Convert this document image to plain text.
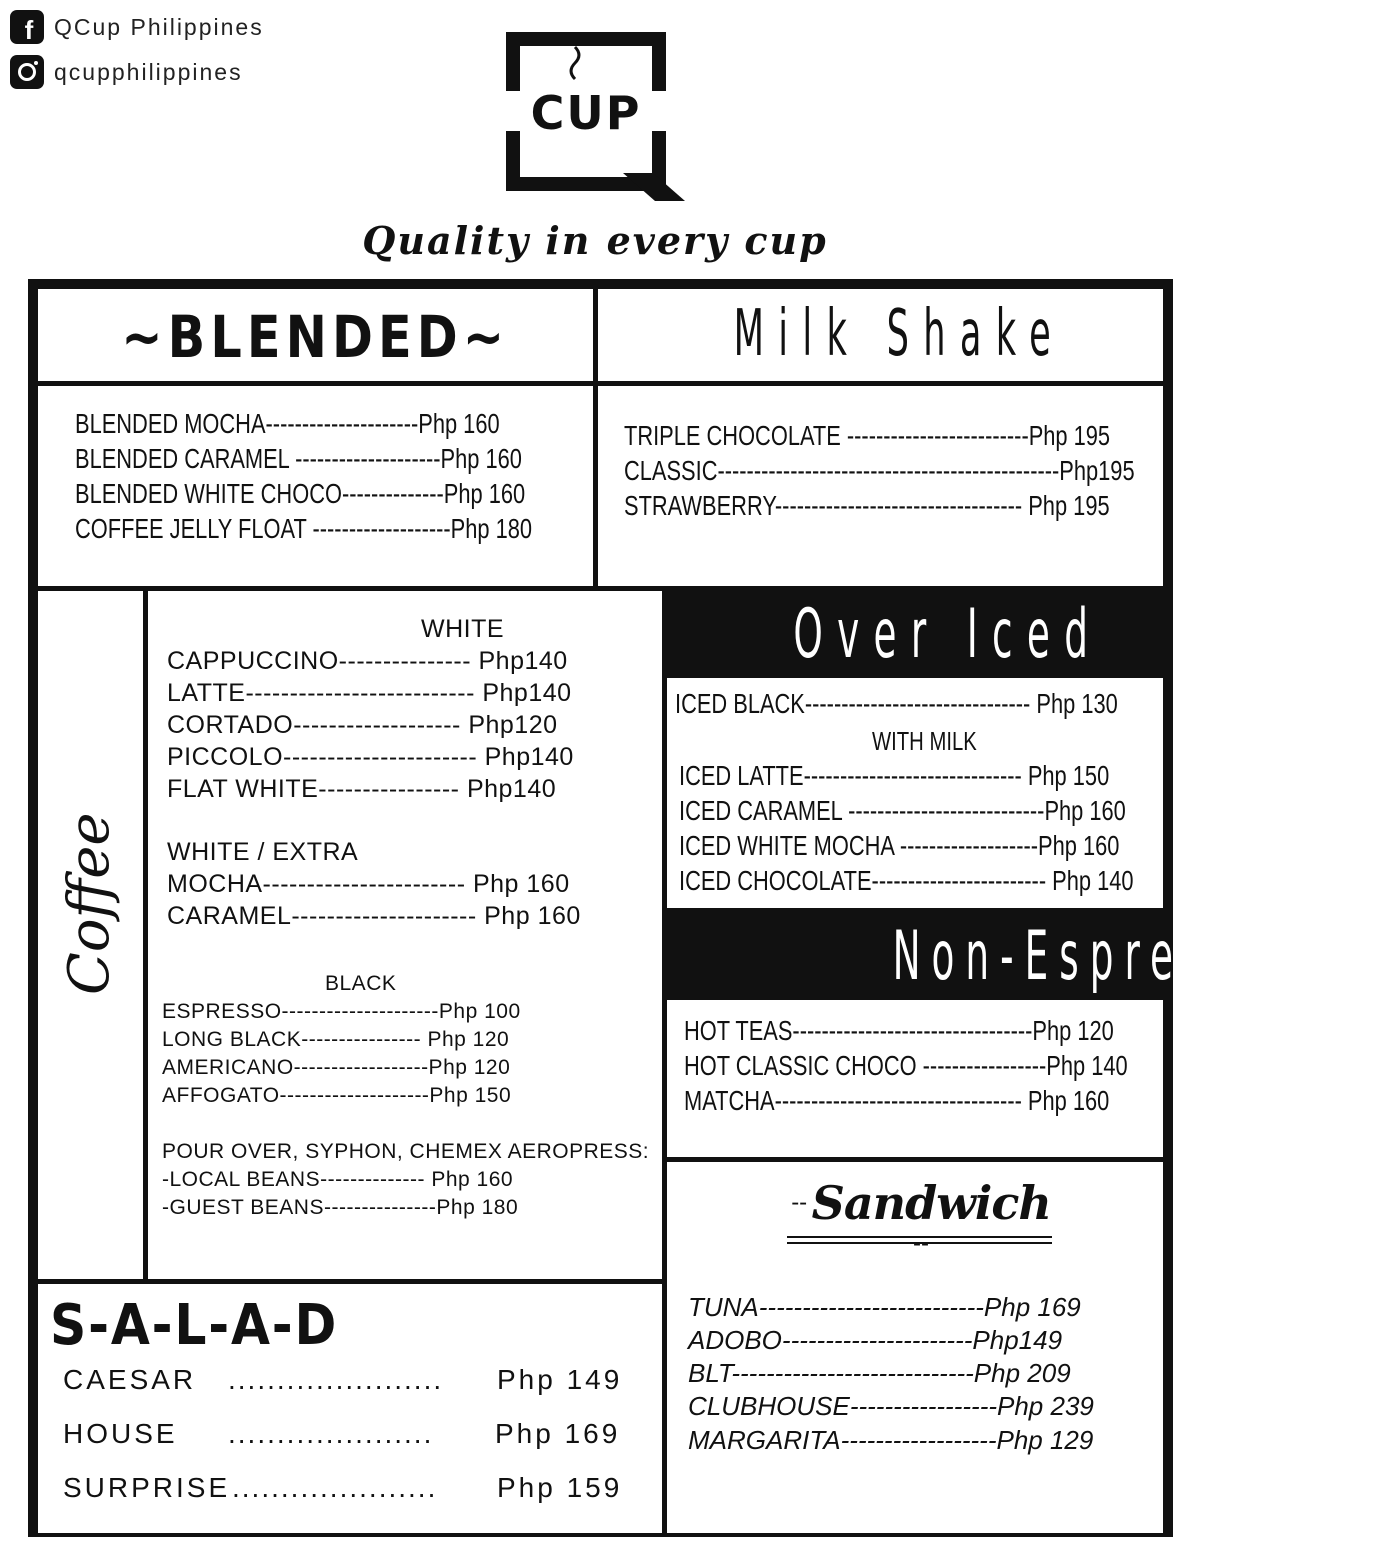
f QCup Philippines
qcupphilippines
CUP
Quality in every cup
~BLENDED~
BLENDED MOCHA---------------------Php 160
BLENDED CARAMEL --------------------Php 160
BLENDED WHITE CHOCO--------------Php 160
COFFEE JELLY FLOAT -------------------Php 180
Milk Shake
TRIPLE CHOCOLATE -------------------------Php 195
CLASSIC-----------------------------------------------Php195
STRAWBERRY---------------------------------- Php 195
Coffee
WHITE
CAPPUCCINO--------------- Php140
LATTE-------------------------- Php140
CORTADO------------------- Php120
PICCOLO---------------------- Php140
FLAT WHITE---------------- Php140
WHITE / EXTRA
MOCHA----------------------- Php 160
CARAMEL--------------------- Php 160
BLACK
ESPRESSO---------------------Php 100
LONG BLACK---------------- Php 120
AMERICANO------------------Php 120
AFFOGATO--------------------Php 150
POUR OVER, SYPHON, CHEMEX AEROPRESS:
-LOCAL BEANS-------------- Php 160
-GUEST BEANS---------------Php 180
Over Iced
ICED BLACK------------------------------- Php 130
WITH MILK
ICED LATTE------------------------------ Php 150
ICED CARAMEL ---------------------------Php 160
ICED WHITE MOCHA -------------------Php 160
ICED CHOCOLATE------------------------ Php 140
Non-Espreso
HOT TEAS---------------------------------Php 120
HOT CLASSIC CHOCO -----------------Php 140
MATCHA---------------------------------- Php 160
-- Sandwich --
TUNA--------------------------Php 169
ADOBO----------------------Php149
BLT----------------------------Php 209
CLUBHOUSE-----------------Php 239
MARGARITA------------------Php 129
S-A-L-A-D
CAESAR ...................... Php 149
HOUSE ..................... Php 169
SURPRISE ..................... Php 159
